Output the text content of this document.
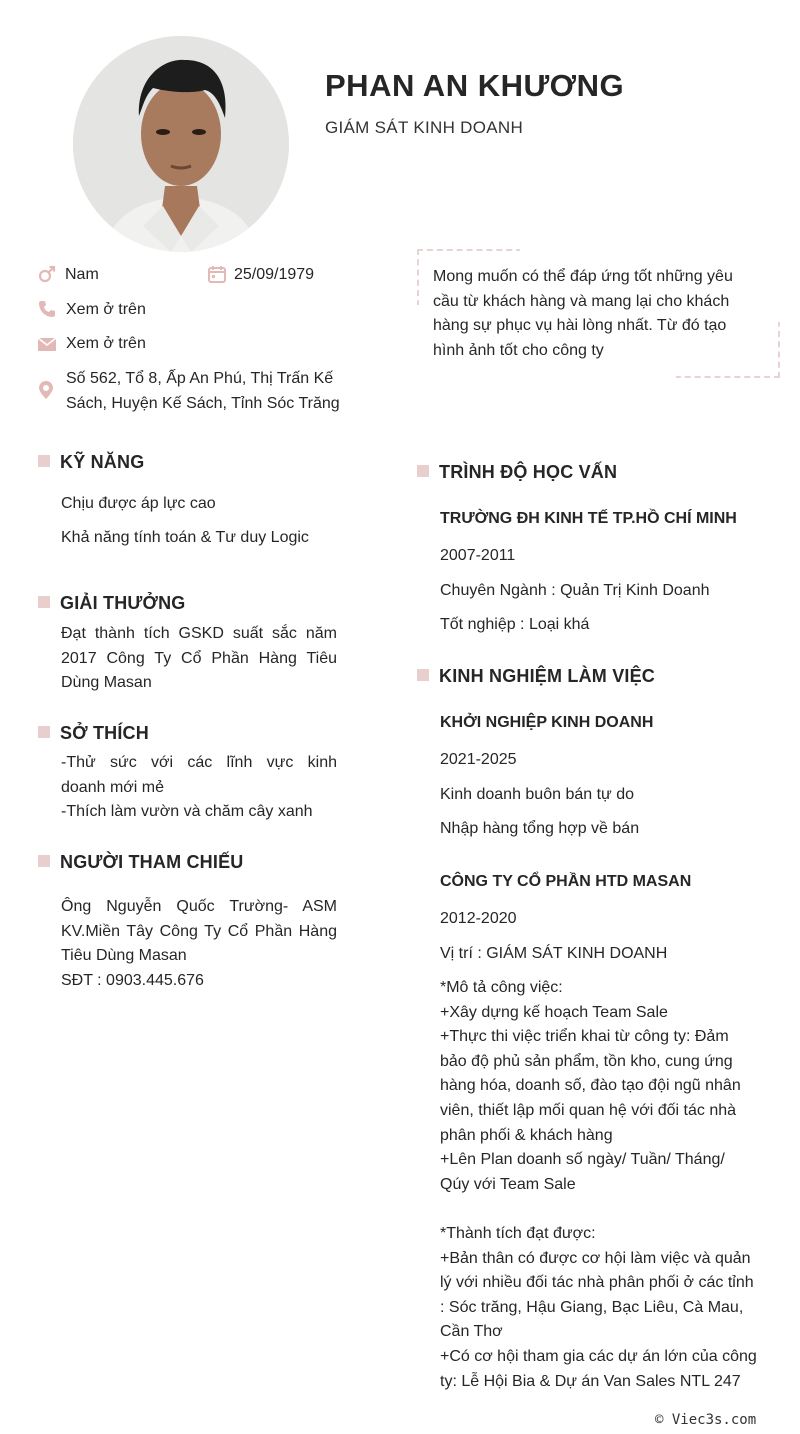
PHAN AN KHƯƠNG
GIÁM SÁT KINH DOANH
Nam	25/09/1979
Xem ở trên
Xem ở trên
Số 562, Tổ 8, Ấp An Phú, Thị Trấn Kế
Sách, Huyện Kế Sách, Tỉnh Sóc Trăng
Mong muốn có thể đáp ứng tốt những yêu
cầu từ khách hàng và mang lại cho khách
hàng sự phục vụ hài lòng nhất. Từ đó tạo
hình ảnh tốt cho công ty
KỸ NĂNG
Chịu được áp lực cao
Khả năng tính toán & Tư duy Logic
GIẢI THƯỞNG
Đạt thành tích GSKD suất sắc năm
2017 Công Ty Cổ Phần Hàng Tiêu
Dùng Masan
SỞ THÍCH
-Thử sức với các lĩnh vực kinh
doanh mới mẻ
-Thích làm vườn và chăm cây xanh
NGƯỜI THAM CHIẾU
Ông Nguyễn Quốc Trường- ASM
KV.Miền Tây Công Ty Cổ Phần Hàng
Tiêu Dùng Masan
SĐT : 0903.445.676
TRÌNH ĐỘ HỌC VẤN
TRƯỜNG ĐH KINH TẾ TP.HỒ CHÍ MINH
2007-2011
Chuyên Ngành : Quản Trị Kinh Doanh
Tốt nghiệp : Loại khá
KINH NGHIỆM LÀM VIỆC
KHỞI NGHIỆP KINH DOANH
2021-2025
Kinh doanh buôn bán tự do
Nhập hàng tổng hợp về bán
CÔNG TY CỔ PHẦN HTD MASAN
2012-2020
Vị trí : GIÁM SÁT KINH DOANH
*Mô tả công việc:
+Xây dựng kế hoạch Team Sale
+Thực thi việc triển khai từ công ty: Đảm
bảo độ phủ sản phẩm, tồn kho, cung ứng
hàng hóa, doanh số, đào tạo đội ngũ nhân
viên, thiết lập mối quan hệ với đối tác nhà
phân phối & khách hàng
+Lên Plan doanh số ngày/ Tuần/ Tháng/
Qúy với Team Sale
*Thành tích đạt được:
+Bản thân có được cơ hội làm việc và quản
lý với nhiều đối tác nhà phân phối ở các tỉnh
: Sóc trăng, Hậu Giang, Bạc Liêu, Cà Mau,
Cần Thơ
+Có cơ hội tham gia các dự án lớn của công
ty: Lễ Hội Bia & Dự án Van Sales NTL 247
© Viec3s.com
